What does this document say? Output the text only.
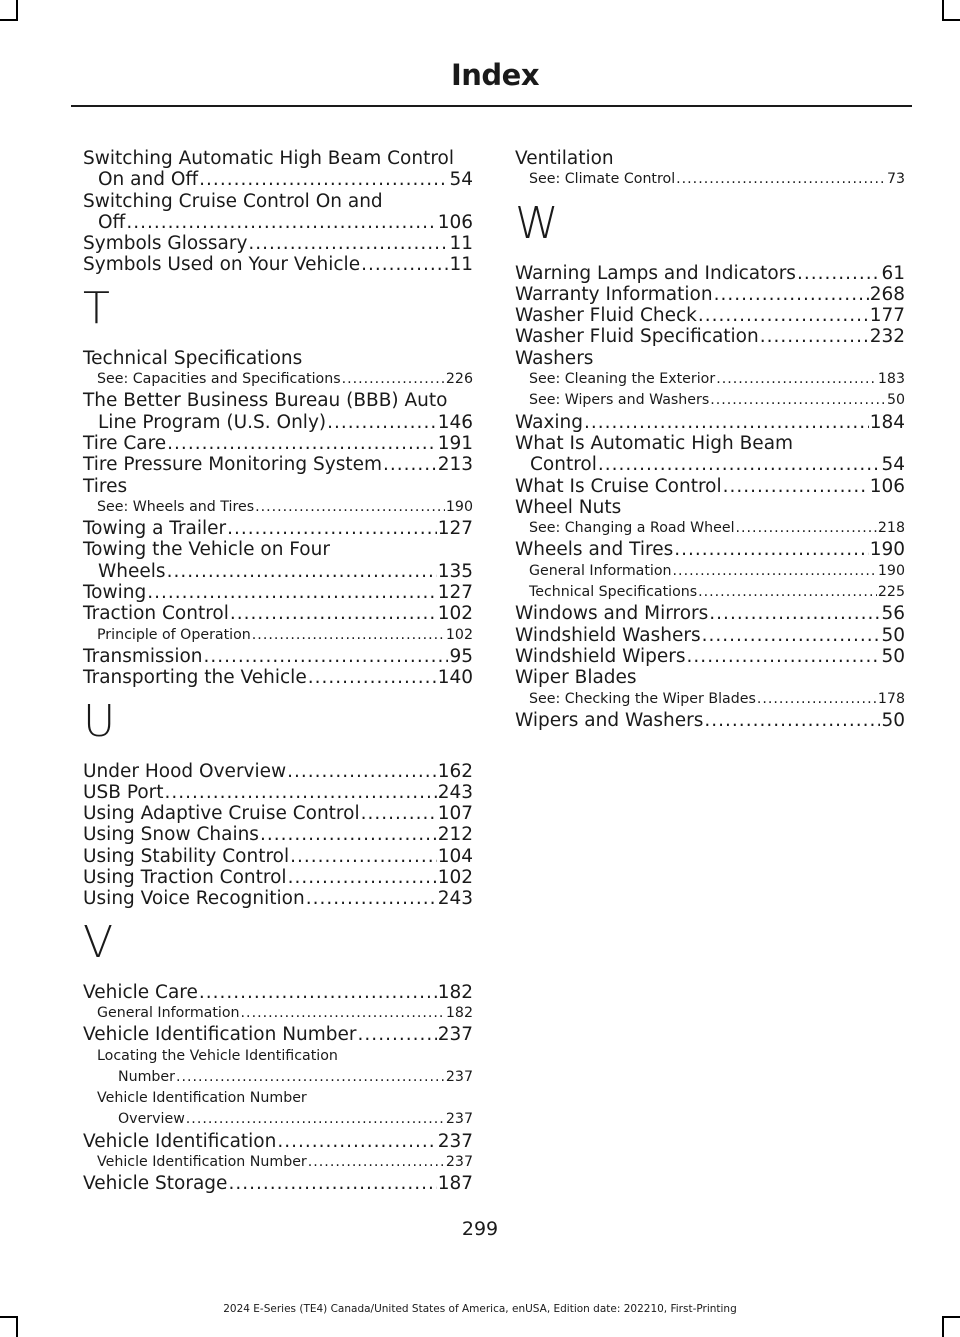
Index
Switching Automatic High Beam Control
On and Off .....	54
Switching Cruise Control On and
Off .....	106
Symbols Glossary .....	11
Symbols Used on Your Vehicle .....	11
T
Technical Specifications
See: Capacities and Specifications .....	226
The Better Business Bureau (BBB) Auto
Line Program (U.S. Only) .....	146
Tire Care .....	191
Tire Pressure Monitoring System .....	213
Tires
See: Wheels and Tires .....	190
Towing a Trailer .....	127
Towing the Vehicle on Four
Wheels .....	135
Towing .....	127
Traction Control .....	102
Principle of Operation .....	102
Transmission .....	95
Transporting the Vehicle .....	140
U
Under Hood Overview .....	162
USB Port .....	243
Using Adaptive Cruise Control .....	107
Using Snow Chains .....	212
Using Stability Control .....	104
Using Traction Control .....	102
Using Voice Recognition .....	243
V
Vehicle Care .....	182
General Information .....	182
Vehicle Identification Number .....	237
Locating the Vehicle Identification
Number .....	237
Vehicle Identification Number
Overview .....	237
Vehicle Identification .....	237
Vehicle Identification Number .....	237
Vehicle Storage .....	187
Ventilation
See: Climate Control .....	73
W
Warning Lamps and Indicators .....	61
Warranty Information .....	268
Washer Fluid Check .....	177
Washer Fluid Specification .....	232
Washers
See: Cleaning the Exterior .....	183
See: Wipers and Washers .....	50
Waxing .....	184
What Is Automatic High Beam
Control .....	54
What Is Cruise Control .....	106
Wheel Nuts
See: Changing a Road Wheel .....	218
Wheels and Tires .....	190
General Information .....	190
Technical Specifications .....	225
Windows and Mirrors .....	56
Windshield Washers .....	50
Windshield Wipers .....	50
Wiper Blades
See: Checking the Wiper Blades .....	178
Wipers and Washers .....	50
299
2024 E-Series (TE4) Canada/United States of America, enUSA, Edition date: 202210, First-Printing
